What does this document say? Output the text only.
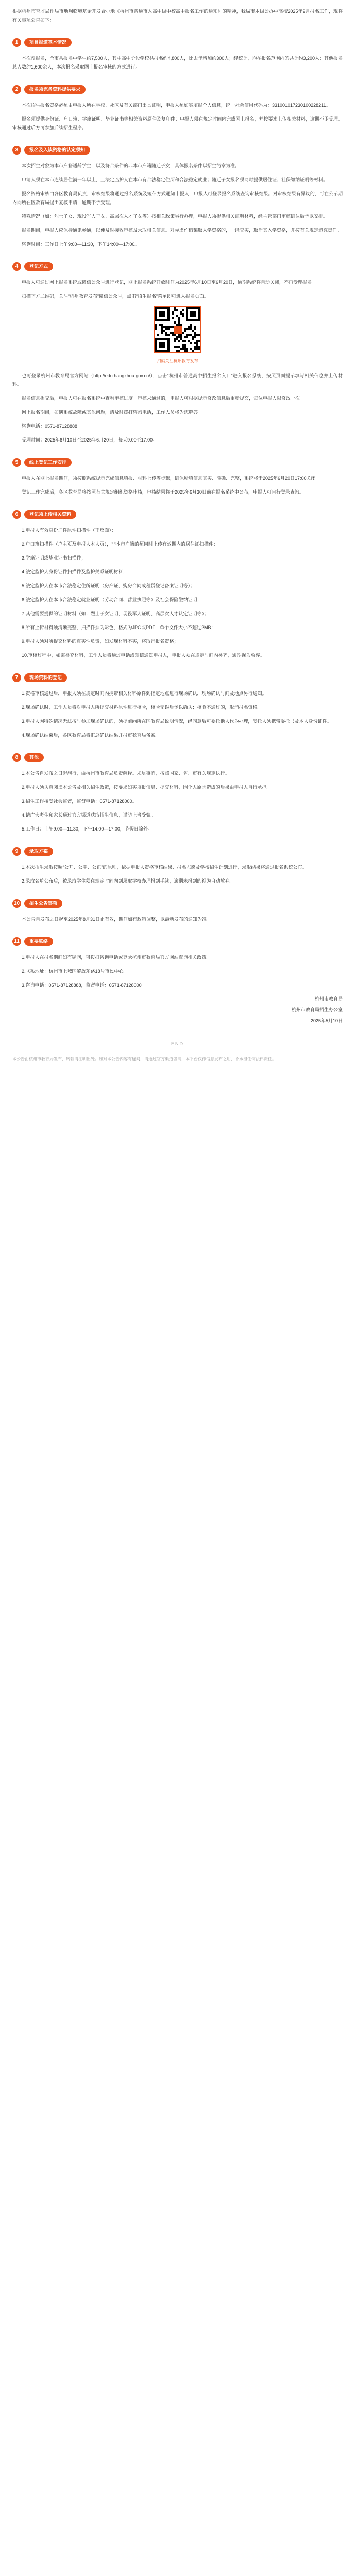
根据杭州市育才局作局市地坝临境基金开发合小地《杭州市普通市入高中级中校高中报名工作的通知》的精神，我局市本级公办中高校2025年9月报名工作，现将有关事项公告如下：

1	项目报道基本情况

本次预报名，全市共报名中学生约7,500人，其中高中阶段学校共报名约4,800人，比去年增加约300人；经统计，均在报名范围内的共计约3,200人；其他报名总人数约1,600余人，本次报名采取网上报名审核的方式进行。

2	报名须完备资料提供要求

本次招生报名资格必须由申报人所在学校、社区及有关部门出具证明，申报人须如实填报个人信息，统一社会信用代码为：331001017230100228211。

报名须提供身份证、户口簿、学籍证明、毕业证书等相关资料原件及复印件；申报人须在规定时间内完成网上报名，并按要求上传相关材料，逾期不予受理。审核通过后方可参加后续招生程序。

3	报名及入读资格的认定须知

本次招生对象为本市户籍适龄学生，以及符合条件的非本市户籍随迁子女，具体报名条件以招生简章为准。

申请人须在本市连续居住满一年以上，且法定监护人在本市有合法稳定住所和合法稳定就业；随迁子女报名须同时提供居住证、社保缴纳证明等材料。

报名资格审核由各区教育局负责，审核结果将通过报名系统及短信方式通知申报人，申报人可登录报名系统查询审核结果。对审核结果有异议的，可在公示期内向所在区教育局提出复核申请，逾期不予受理。

特殊情况（如：烈士子女、现役军人子女、高层次人才子女等）按相关政策另行办理，申报人须提供相关证明材料，经主管部门审核确认后予以安排。

报名期间，申报人应保持通讯畅通，以便及时接收审核及录取相关信息。对弄虚作假骗取入学资格的，一经查实，取消其入学资格，并按有关规定追究责任。

咨询时间：工作日上午9:00—11:30，下午14:00—17:00。

4	登记方式

申报人可通过网上报名系统或微信公众号进行登记，网上报名系统开放时间为2025年6月10日至6月20日，逾期系统将自动关闭，不再受理报名。

扫描下方二维码，关注“杭州教育发布”微信公众号，点击“招生报名”菜单即可进入报名页面。

扫码关注杭州教育发布

也可登录杭州市教育局官方网站（http://edu.hangzhou.gov.cn/），点击“杭州市普通高中招生报名入口”进入报名系统，按照页面提示填写相关信息并上传材料。

报名信息提交后，申报人可在报名系统中查看审核进度。审核未通过的，申报人可根据提示修改信息后重新提交，每位申报人限修改一次。

网上报名期间，如遇系统故障或其他问题，请及时拨打咨询电话，工作人员将为您解答。

咨询电话：0571-87128888

受理时间：2025年6月10日至2025年6月20日，每天9:00至17:00。

5	线上登记工作安排

申报人在网上报名期间，须按照系统提示完成信息填报、材料上传等步骤，确保所填信息真实、准确、完整，系统将于2025年6月20日17:00关闭。

登记工作完成后，各区教育局将按照有关规定组织资格审核，审核结果将于2025年6月30日前在报名系统中公布，申报人可自行登录查询。

6	登记须上传相关资料

1.申报人有效身份证件原件扫描件（正反面）；

2.户口簿扫描件（户主页及申报人本人页），非本市户籍的须同时上传有效期内的居住证扫描件；

3.学籍证明或毕业证书扫描件；

4.法定监护人身份证件扫描件及监护关系证明材料；

5.法定监护人在本市合法稳定住所证明（房产证、购房合同或租赁登记备案证明等）；

6.法定监护人在本市合法稳定就业证明（劳动合同、营业执照等）及社会保险缴纳证明；

7.其他需要提供的证明材料（如：烈士子女证明、现役军人证明、高层次人才认定证明等）；

8.所有上传材料须清晰完整，扫描件须为彩色，格式为JPG或PDF，单个文件大小不超过2MB；

9.申报人须对所提交材料的真实性负责，如发现材料不实，将取消报名资格；

10.审核过程中，如需补充材料，工作人员将通过电话或短信通知申报人，申报人须在规定时间内补齐，逾期视为放弃。

7	现场资料的登记

1.资格审核通过后，申报人须在规定时间内携带相关材料原件到指定地点进行现场确认，现场确认时间及地点另行通知。

2.现场确认时，工作人员将对申报人所提交材料原件进行核验，核验无误后予以确认；核验不通过的，取消报名资格。

3.申报人因特殊情况无法按时参加现场确认的，须提前向所在区教育局说明情况，经同意后可委托他人代为办理，受托人须携带委托书及本人身份证件。

4.现场确认结束后，各区教育局将汇总确认结果并报市教育局备案。

8	其他

1.本公告自发布之日起施行，由杭州市教育局负责解释。未尽事宜，按照国家、省、市有关规定执行。

2.申报人须认真阅读本公告及相关招生政策，按要求如实填报信息、提交材料，因个人原因造成的后果由申报人自行承担。

3.招生工作接受社会监督，监督电话：0571-87128000。

4.请广大考生和家长通过官方渠道获取招生信息，谨防上当受骗。

5.工作日：上午9:00—11:30，下午14:00—17:00，节假日除外。

9	录取方案

1.本次招生录取按照“公开、公平、公正”的原则，依据申报人资格审核结果、报名志愿及学校招生计划进行，录取结果将通过报名系统公布。

2.录取名单公布后，被录取学生须在规定时间内到录取学校办理报到手续，逾期未报到的视为自动放弃。

10	招生公告事项

本公告自发布之日起至2025年8月31日止有效，期间如有政策调整，以最新发布的通知为准。

11	重要联络

1.申报人在报名期间如有疑问，可拨打咨询电话或登录杭州市教育局官方网站查询相关政策。

2.联系地址：杭州市上城区解放东路18号市民中心。

3.咨询电话：0571-87128888，监督电话：0571-87128000。

杭州市教育局

杭州市教育局招生办公室

2025年5月10日

END

本公告由杭州市教育局发布，转载请注明出处。如对本公告内容有疑问，请通过官方渠道咨询，本平台仅作信息发布之用，不承担任何法律责任。
